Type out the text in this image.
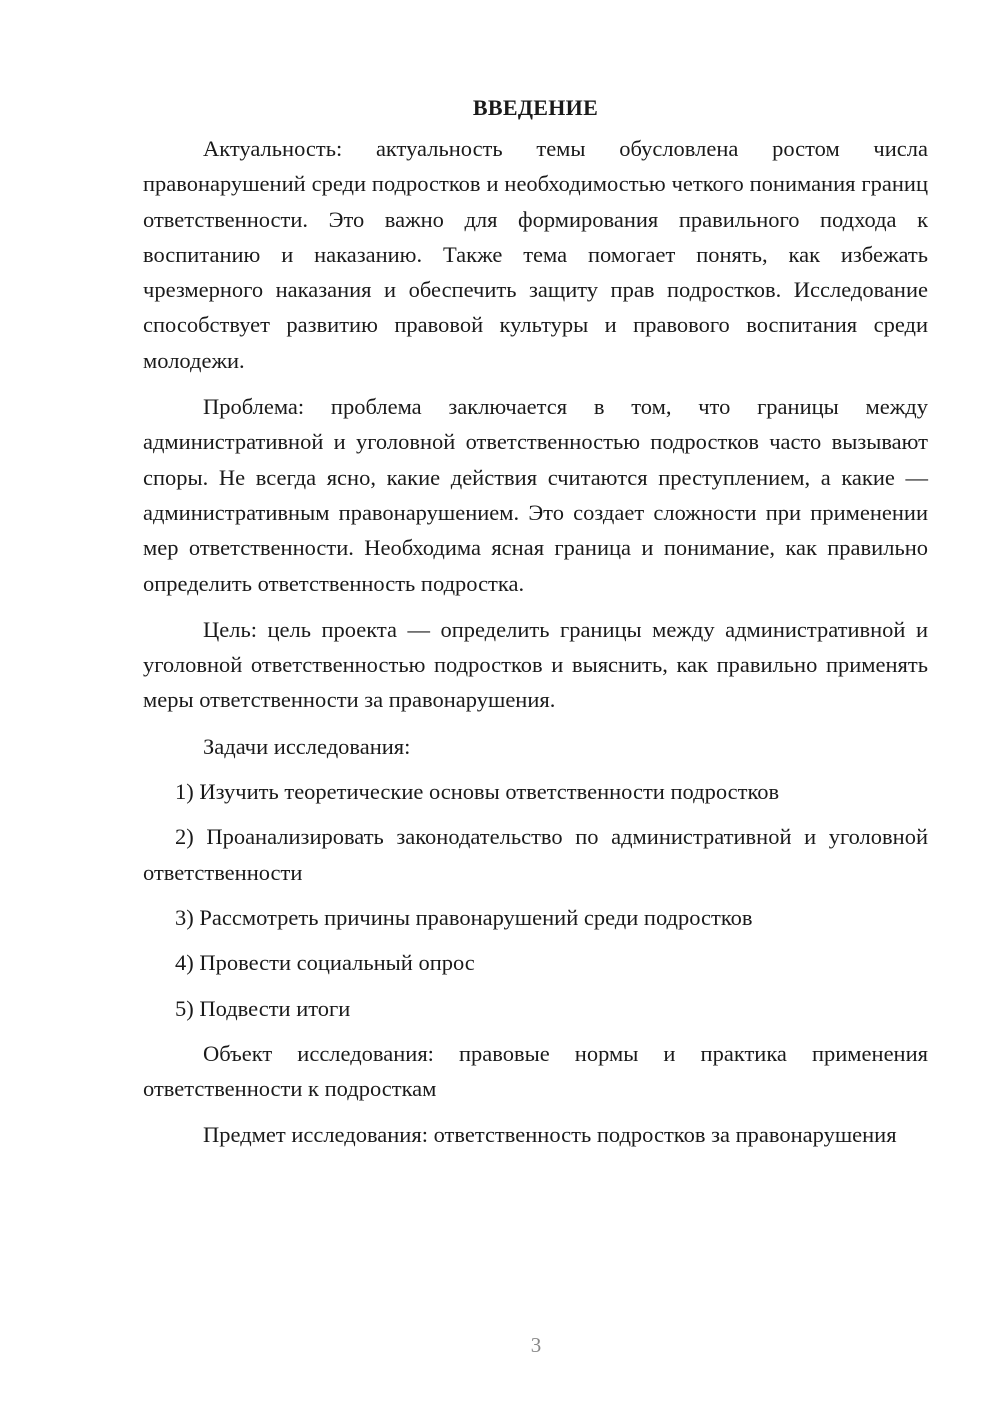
ВВЕДЕНИЕ

Актуальность: актуальность темы обусловлена ростом числа правонарушений среди подростков и необходимостью четкого понимания границ ответственности. Это важно для формирования правильного подхода к воспитанию и наказанию. Также тема помогает понять, как избежать чрезмерного наказания и обеспечить защиту прав подростков. Исследование способствует развитию правовой культуры и правового воспитания среди молодежи.

Проблема: проблема заключается в том, что границы между административной и уголовной ответственностью подростков часто вызывают споры. Не всегда ясно, какие действия считаются преступлением, а какие — административным правонарушением. Это создает сложности при применении мер ответственности. Необходима ясная граница и понимание, как правильно определить ответственность подростка.

Цель: цель проекта — определить границы между административной и уголовной ответственностью подростков и выяснить, как правильно применять меры ответственности за правонарушения.

Задачи исследования:

1) Изучить теоретические основы ответственности подростков

2) Проанализировать законодательство по административной и уголовной ответственности

3) Рассмотреть причины правонарушений среди подростков

4) Провести социальный опрос

5) Подвести итоги

Объект исследования: правовые нормы и практика применения ответственности к подросткам

Предмет исследования: ответственность подростков за правонарушения

3
